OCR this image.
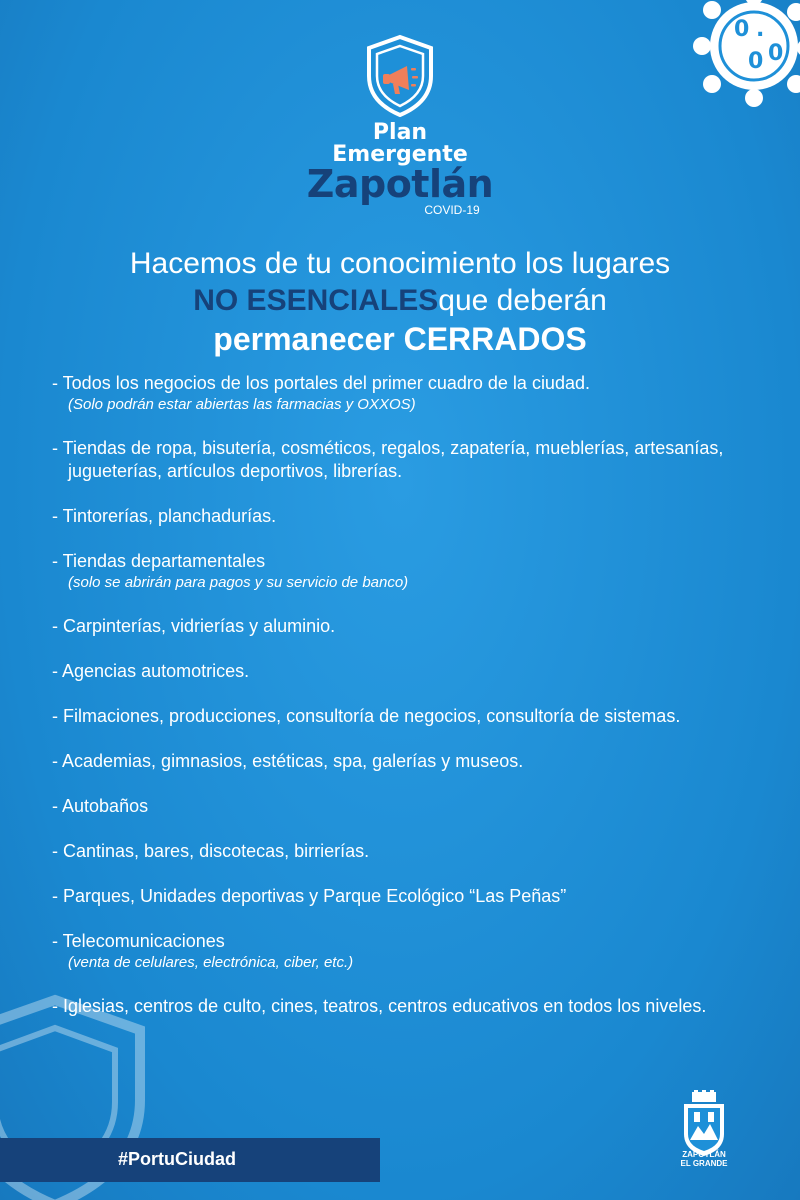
0 .
0 0
Plan
Emergente
Zapotlán
COVID-19
Hacemos de tu conocimiento los lugares
NO ESENCIALESque deberán
permanecer CERRADOS
- Todos los negocios de los portales del primer cuadro de la ciudad.
(Solo podrán estar abiertas las farmacias y OXXOS)
- Tiendas de ropa, bisutería, cosméticos, regalos, zapatería, mueblerías, artesanías, jugueterías, artículos deportivos, librerías.
- Tintorerías, planchadurías.
- Tiendas departamentales
(solo se abrirán para pagos y su servicio de banco)
- Carpinterías, vidrierías y aluminio.
- Agencias automotrices.
- Filmaciones, producciones, consultoría de negocios, consultoría de sistemas.
- Academias, gimnasios, estéticas, spa, galerías y museos.
- Autobaños
- Cantinas, bares, discotecas, birrierías.
- Parques, Unidades deportivas y Parque Ecológico “Las Peñas”
- Telecomunicaciones
(venta de celulares, electrónica, ciber, etc.)
- Iglesias, centros de culto, cines, teatros, centros educativos en todos los niveles.
#PortuCiudad	ZAPOTLÁN
EL GRANDE
